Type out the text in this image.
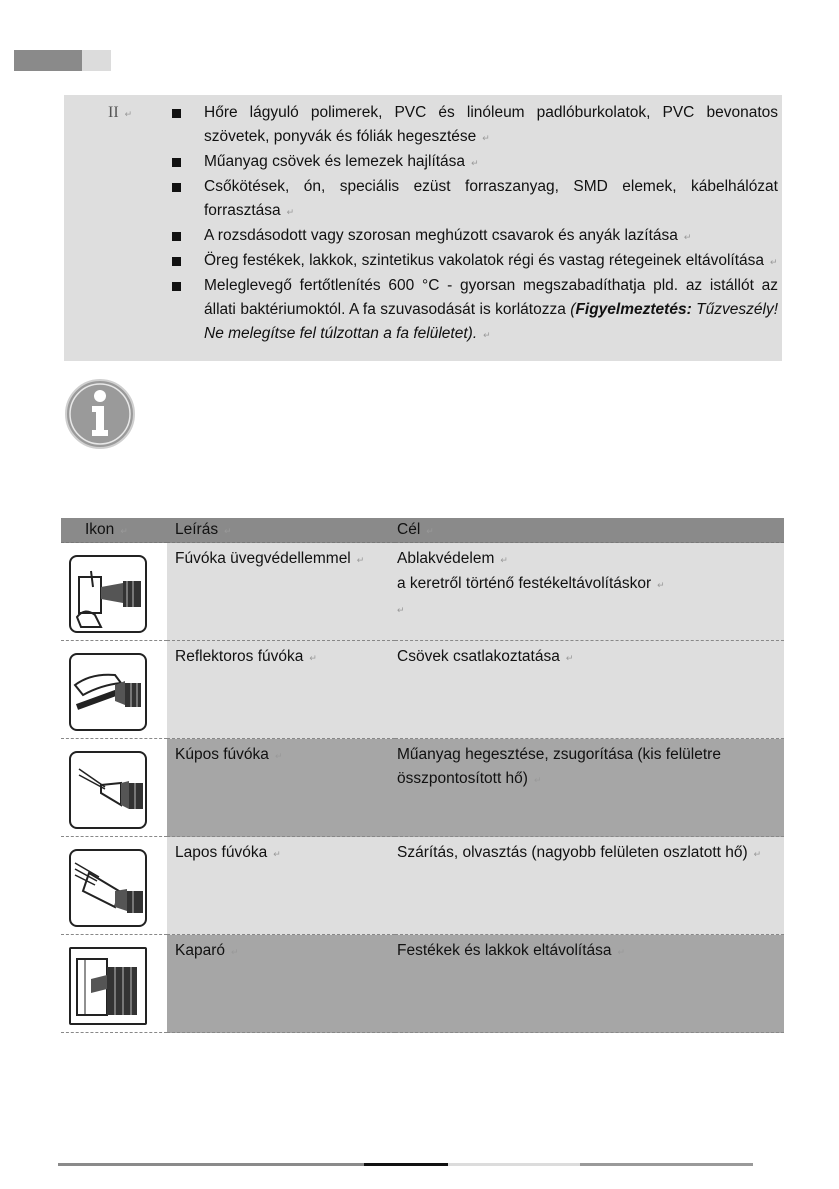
II ↵	Hőre lágyuló polimerek, PVC és linóleum padlóburkolatok, PVC bevonatos szövetek, ponyvák és fóliák hegesztése ↵
Műanyag csövek és lemezek hajlítása ↵
Csőkötések, ón, speciális ezüst forraszanyag, SMD elemek, kábelhálózat forrasztása ↵
A rozsdásodott vagy szorosan meghúzott csavarok és anyák lazítása ↵
Öreg festékek, lakkok, szintetikus vakolatok régi és vastag rétegeinek eltávolítása ↵
Meleglevegő fertőtlenítés 600 °C - gyorsan megszabadíthatja pld. az istállót az állati baktériumoktól. A fa szuvasodását is korlátozza (Figyelmeztetés: Tűzveszély! Ne melegítse fel túlzottan a fa felületet). ↵
Ikon ↵	Leírás ↵	Cél ↵

	Fúvóka üvegvédellemmel ↵	Ablakvédelem ↵
a keretről történő festékeltávolításkor ↵
↵

	Reflektoros fúvóka ↵	Csövek csatlakoztatása ↵

	Kúpos fúvóka ↵	Műanyag hegesztése, zsugorítása (kis felületre összpontosított hő) ↵

	Lapos fúvóka ↵	Szárítás, olvasztás (nagyobb felületen oszlatott hő) ↵

	Kaparó ↵	Festékek és lakkok eltávolítása ↵
